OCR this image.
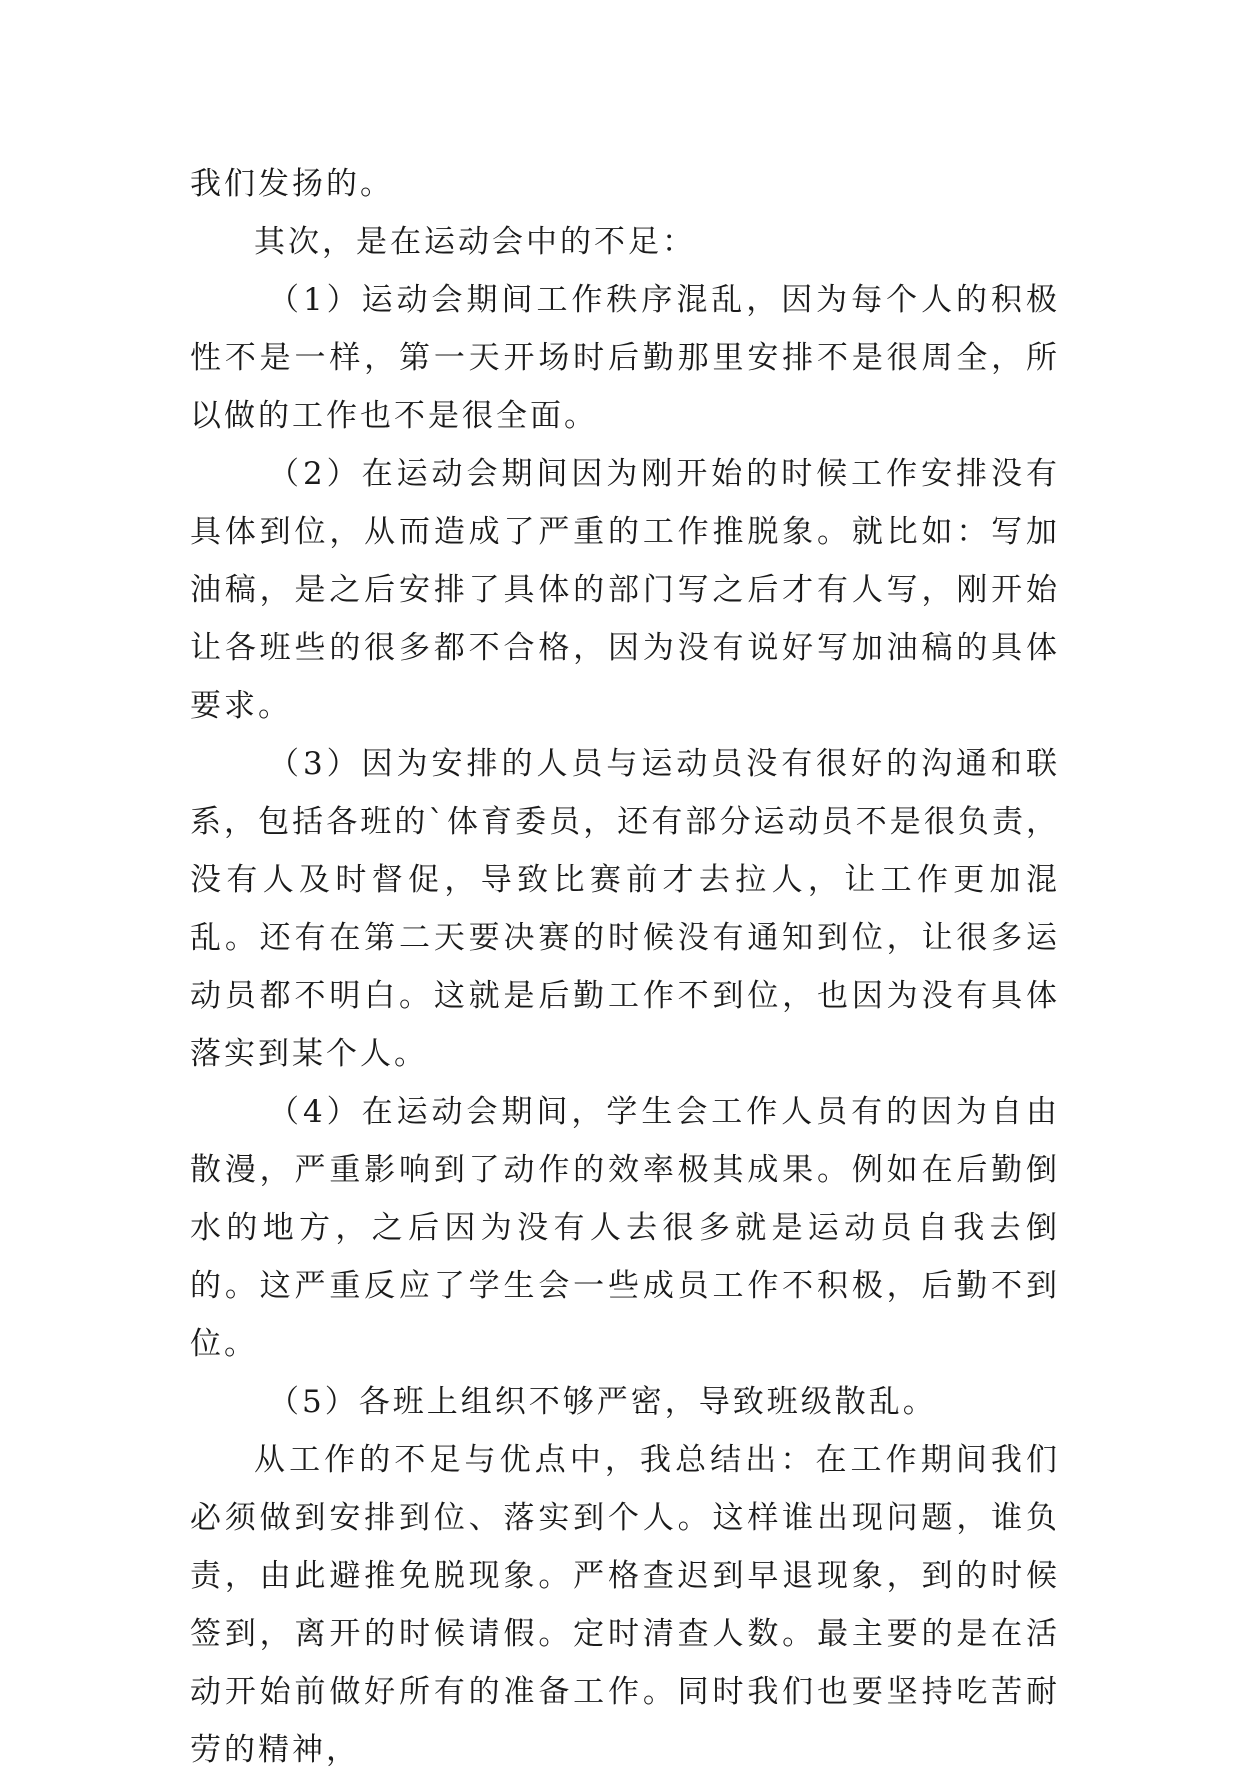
我们发扬的。

其次，是在运动会中的不足：

（1）运动会期间工作秩序混乱，因为每个人的积极性不是一样，第一天开场时后勤那里安排不是很周全，所以做的工作也不是很全面。

（2）在运动会期间因为刚开始的时候工作安排没有具体到位，从而造成了严重的工作推脱象。就比如：写加油稿，是之后安排了具体的部门写之后才有人写，刚开始让各班些的很多都不合格，因为没有说好写加油稿的具体要求。

（3）因为安排的人员与运动员没有很好的沟通和联系，包括各班的`体育委员，还有部分运动员不是很负责，没有人及时督促，导致比赛前才去拉人，让工作更加混乱。还有在第二天要决赛的时候没有通知到位，让很多运动员都不明白。这就是后勤工作不到位，也因为没有具体落实到某个人。

（4）在运动会期间，学生会工作人员有的因为自由散漫，严重影响到了动作的效率极其成果。例如在后勤倒水的地方，之后因为没有人去很多就是运动员自我去倒的。这严重反应了学生会一些成员工作不积极，后勤不到位。

（5）各班上组织不够严密，导致班级散乱。

从工作的不足与优点中，我总结出：在工作期间我们必须做到安排到位、落实到个人。这样谁出现问题，谁负责，由此避推免脱现象。严格查迟到早退现象，到的时候签到，离开的时候请假。定时清查人数。最主要的是在活动开始前做好所有的准备工作。同时我们也要坚持吃苦耐劳的精神，
